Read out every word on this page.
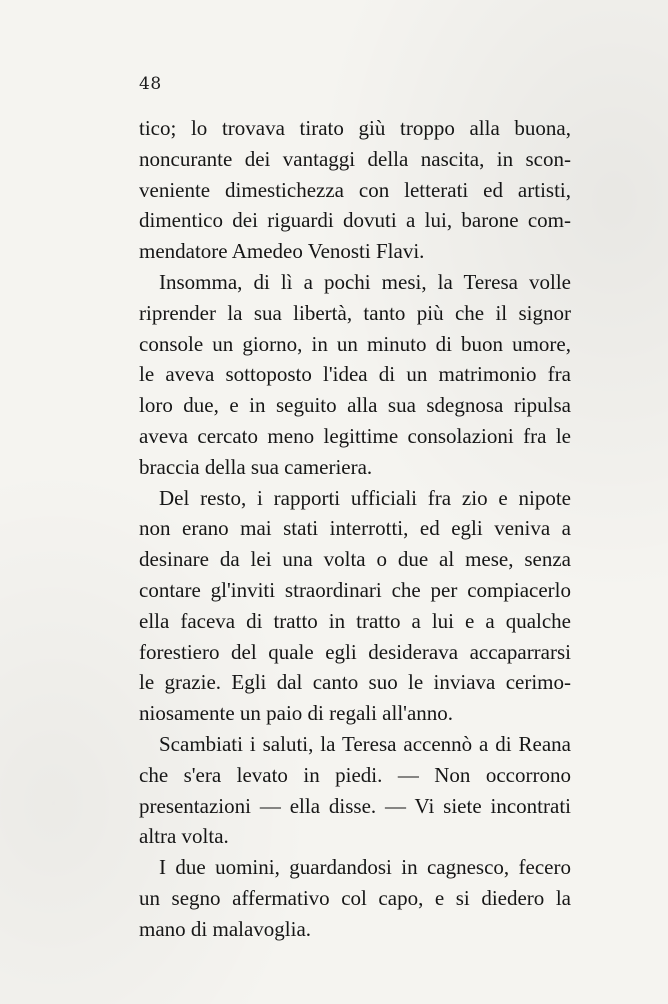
48

tico; lo trovava tirato giù troppo alla buona,
noncurante dei vantaggi della nascita, in scon-
veniente dimestichezza con letterati ed artisti,
dimentico dei riguardi dovuti a lui, barone com-
mendatore Amedeo Venosti Flavi.

Insomma, di lì a pochi mesi, la Teresa volle
riprender la sua libertà, tanto più che il signor
console un giorno, in un minuto di buon umore,
le aveva sottoposto l'idea di un matrimonio fra
loro due, e in seguito alla sua sdegnosa ripulsa
aveva cercato meno legittime consolazioni fra le
braccia della sua cameriera.

Del resto, i rapporti ufficiali fra zio e nipote
non erano mai stati interrotti, ed egli veniva a
desinare da lei una volta o due al mese, senza
contare gl'inviti straordinari che per compiacerlo
ella faceva di tratto in tratto a lui e a qualche
forestiero del quale egli desiderava accaparrarsi
le grazie. Egli dal canto suo le inviava cerimo-
niosamente un paio di regali all'anno.

Scambiati i saluti, la Teresa accennò a di Reana
che s'era levato in piedi. — Non occorrono
presentazioni — ella disse. — Vi siete incontrati
altra volta.

I due uomini, guardandosi in cagnesco, fecero
un segno affermativo col capo, e si diedero la
mano di malavoglia.
